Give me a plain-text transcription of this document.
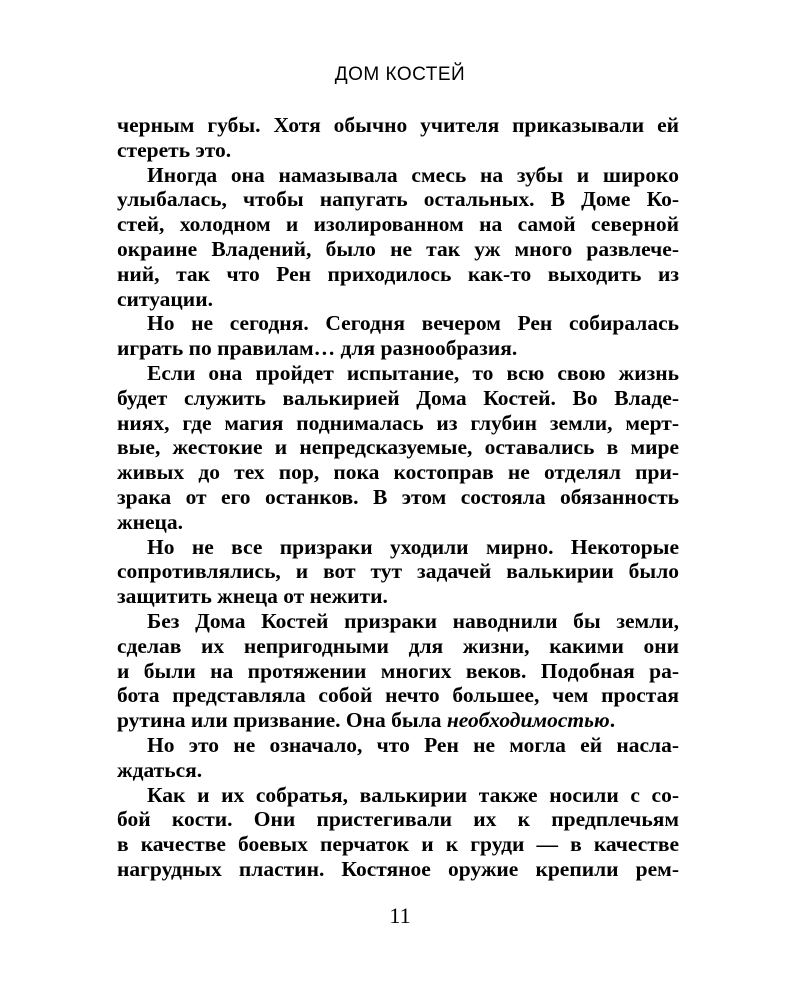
ДОМ КОСТЕЙ
черным губы. Хотя обычно учителя приказывали ей
стереть это.
Иногда она намазывала смесь на зубы и широко
улыбалась, чтобы напугать остальных. В Доме Ко-
стей, холодном и изолированном на самой северной
окраине Владений, было не так уж много развлече-
ний, так что Рен приходилось как-то выходить из
ситуации.
Но не сегодня. Сегодня вечером Рен собиралась
играть по правилам… для разнообразия.
Если она пройдет испытание, то всю свою жизнь
будет служить валькирией Дома Костей. Во Владе-
ниях, где магия поднималась из глубин земли, мерт-
вые, жестокие и непредсказуемые, оставались в мире
живых до тех пор, пока костоправ не отделял при-
зрака от его останков. В этом состояла обязанность
жнеца.
Но не все призраки уходили мирно. Некоторые
сопротивлялись, и вот тут задачей валькирии было
защитить жнеца от нежити.
Без Дома Костей призраки наводнили бы земли,
сделав их непригодными для жизни, какими они
и были на протяжении многих веков. Подобная ра-
бота представляла собой нечто большее, чем простая
рутина или призвание. Она была необходимостью.
Но это не означало, что Рен не могла ей насла-
ждаться.
Как и их собратья, валькирии также носили с со-
бой кости. Они пристегивали их к предплечьям
в качестве боевых перчаток и к груди — в качестве
нагрудных пластин. Костяное оружие крепили рем-
11
